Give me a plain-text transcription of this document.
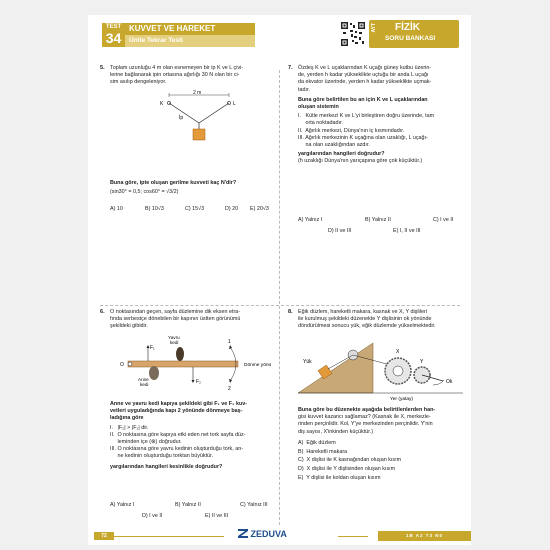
TEST
34
KUVVET VE HAREKET
Ünite Tekrar Testi
AYT FİZİK
SORU BANKASI
5. Toplam uzunluğu 4 m olan esnemeyen bir ip K ve L çivi-
lerine bağlanarak ipin ortasına ağırlığı 30 N olan bir ci-
sim asılıp dengeleniyor.
2 m
K	L
İp
Buna göre, ipte oluşan gerilme kuvveti kaç N'dir?
(sin30° = 0,5; cos60° = √3/2)
A) 10	B) 10√3	C) 15√3	D) 20 E) 20√3
7. Özdeş K ve L uçaklarından K uçağı güney kutbu üzerin-
de, yerden h kadar yükseklikte uçtuğu bir anda L uçağı
da ekvator üzerinde, yerden h kadar yükseklikte uçmak-
tadır.
Buna göre belirtilen bu an için K ve L uçaklarından
oluşan sistemin
I.   Kütle merkezi K ve L'yi birleştiren doğru üzerinde, tam
orta noktadadır.
II.  Ağırlık merkezi, Dünya'nın iç kısmındadır.
III. Ağırlık merkezinin K uçağına olan uzaklığı, L uçağı-
na olan uzaklığından azdır.
yargılarından hangileri doğrudur?
(h uzaklığı Dünya'nın yarıçapına göre çok küçüktür.)
A) Yalnız I	B) Yalnız II	C) I ve II
D) II ve III	E) I, II ve III
6. O noktasından geçen, sayfa düzlemine dik eksen etra-
fında serbestçe dönebilen bir kapının üstten görünümü
şekildeki gibidir.
Yavru
kedi
O
F₁
F₂
Anne
kedi
1
2
Dönme yönü
Anne ve yavru kedi kapıya şekildeki gibi F₁ ve F₂ kuv-
vetleri uyguladığında kapı 2 yönünde dönmeye baş-
ladığına göre
I.   |F₂| > |F₁| dir.
II.  O noktasına göre kapıya etki eden net tork sayfa düz-
leminden içe (⊗) doğrudur.
III. O noktasına göre yavru kedinin oluşturduğu tork, an-
ne kedinin oluşturduğu torktan büyüktür.
yargılarından hangileri kesinlikle doğrudur?
A) Yalnız I	B) Yalnız II	C) Yalnız III
D) I ve II	E) II ve III
8. Eğik düzlem, hareketli makara, kasnak ve X, Y dişlileri
ile kurulmuş şekildeki düzenekte Y dişlisinin ok yönünde
döndürülmesi sonucu yük, eğik düzlemde yükselmektedir.
Yük
X
Y
Ok
Yer (yatay)
Buna göre bu düzenekte aşağıda belirtilenlerden han-
gisi kuvvet kazancı sağlamaz? (Kasnak ile X, merkezle-
rinden perçinlidir. Kol, Y'ye merkezinden perçinlidir. Y'nin
diş sayısı, X'inkinden küçüktür.)
A)  Eğik düzlem
B)  Hareketli makara
C)  X dişlisi ile K kasnağından oluşan kısım
D)  X dişlisi ile Y dişlisinden oluşan kısım
E)  Y dişlisi ile koldan oluşan kısım
72	ZEDUVA	1B A2 T3 N0
